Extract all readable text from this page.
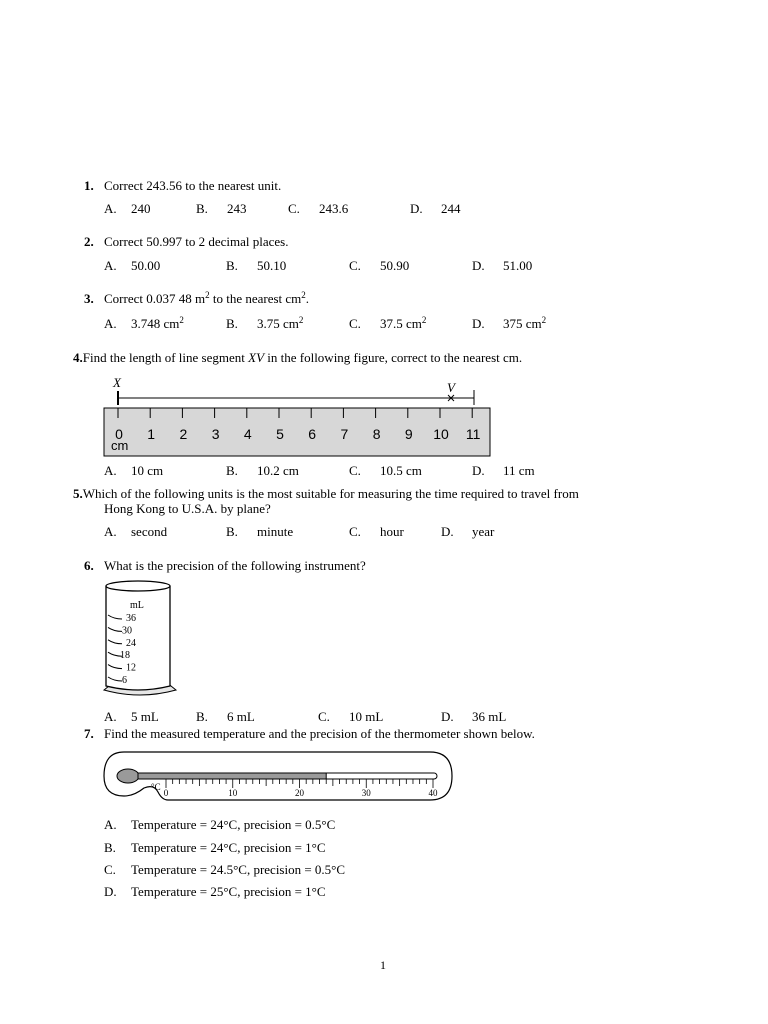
1. Correct 243.56 to the nearest unit.
A. 240	B. 243	C. 243.6	D. 244
2. Correct 50.997 to 2 decimal places.
A. 50.00	B. 50.10	C. 50.90	D. 51.00
3. Correct 0.037 48 $m^2$ to the nearest $cm^2$.
A. 3.748 $cm^2$	B. 3.75 $cm^2$	C. 37.5 $cm^2$	D. 375 $cm^2$
4.Find the length of line segment XV in the following figure, correct to the nearest cm.
X	V
0 1 2 3 4 5 6 7 8 9 10 11
cm
A. 10 cm	B. 10.2 cm	C. 10.5 cm	D. 11 cm
5.Which of the following units is the most suitable for measuring the time required to travel from
Hong Kong to U.S.A. by plane?
A. second	B. minute	C. hour	D. year
6. What is the precision of the following instrument?
mL
36
30
24
18
12
6
A. 5 mL	B. 6 mL	C. 10 mL	D. 36 mL
7. Find the measured temperature and the precision of the thermometer shown below.
°C
0	10	20	30	40
A. Temperature = 24°C, precision = 0.5°C
B. Temperature = 24°C, precision = 1°C
C. Temperature = 24.5°C, precision = 0.5°C
D. Temperature = 25°C, precision = 1°C
1
